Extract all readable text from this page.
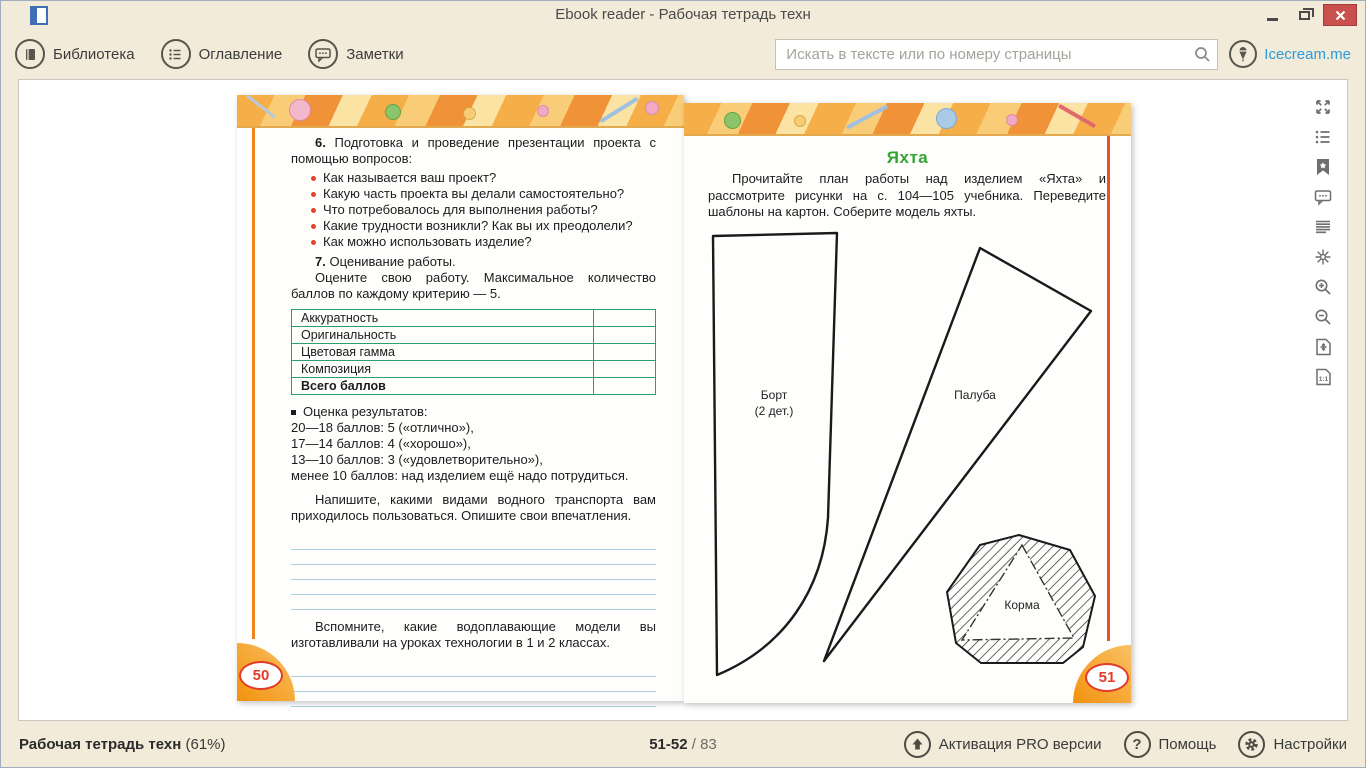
Ebook reader - Рабочая тетрадь техн
Библиотека	Оглавление	Заметки
Искать в тексте или по номеру страницы	Icecream.me

6. Подготовка и проведение презентации проекта с помощью вопросов:

Как называется ваш проект?
Какую часть проекта вы делали самостоятельно?
Что потребовалось для выполнения работы?
Какие трудности возникли? Как вы их преодолели?
Как можно использовать изделие?

7. Оценивание работы.

Оцените свою работу. Максимальное количество баллов по каждому критерию — 5.

Аккуратность	
Оригинальность	
Цветовая гамма	
Композиция	
Всего баллов	
Оценка результатов:
20—18 баллов: 5 («отлично»),
17—14 баллов: 4 («хорошо»),
13—10 баллов: 3 («удовлетворительно»),
менее 10 баллов: над изделием ещё надо потрудиться.

Напишите, какими видами водного транспорта вам приходилось пользоваться. Опишите свои впечатления.

Вспомните, какие водоплавающие модели вы изготавливали на уроках технологии в 1 и 2 классах.

50
Яхта
Прочитайте план работы над изделием «Яхта» и рассмотрите рисунки на с. 104—105 учебника. Переведите шаблоны на картон. Соберите модель яхты.
Борт
(2 дет.)
Палуба
Корма
51
1:1
51-52 / 83
Рабочая тетрадь техн (61%)	Активация PRO версии ? Помощь	Настройки
